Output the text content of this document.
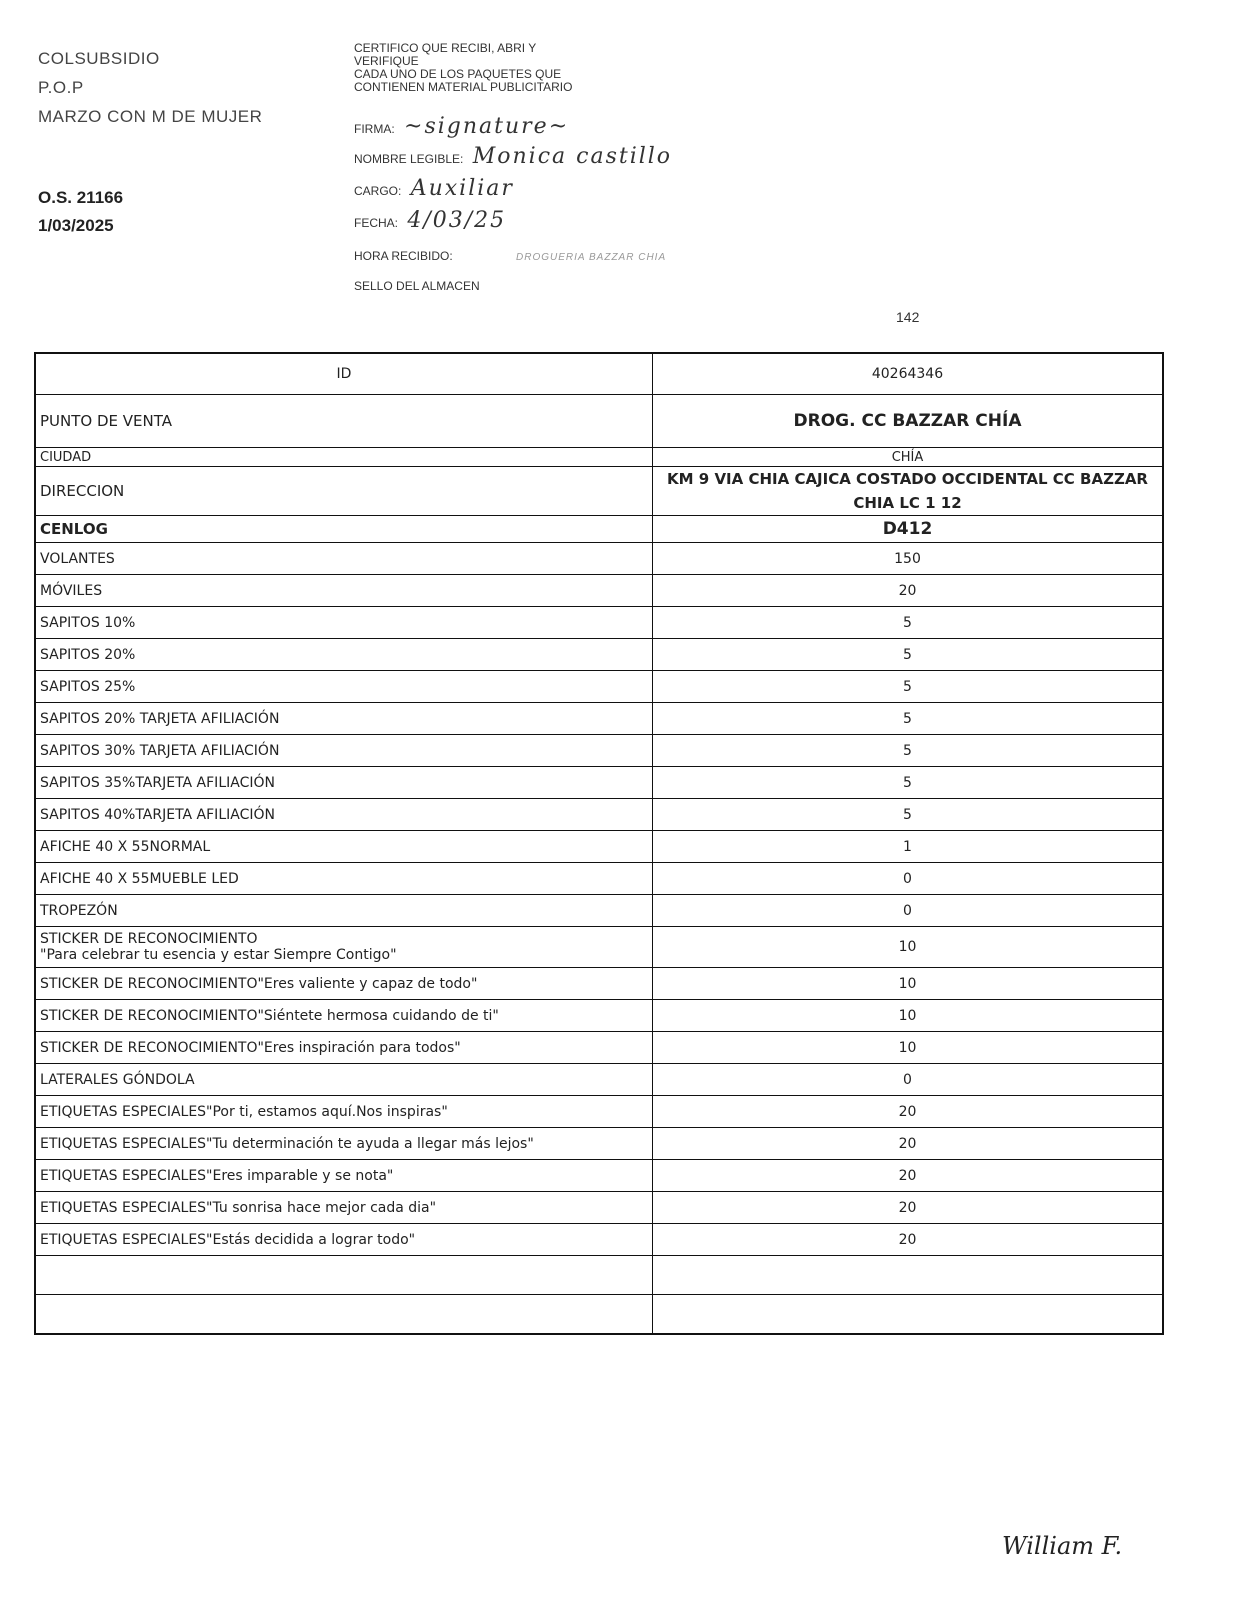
COLSUBSIDIO
P.O.P
MARZO CON M DE MUJER
O.S. 21166
1/03/2025
CERTIFICO QUE RECIBI, ABRI Y
VERIFIQUE
CADA UNO DE LOS PAQUETES QUE
CONTIENEN MATERIAL PUBLICITARIO
FIRMA: ~signature~
NOMBRE LEGIBLE: Monica castillo
CARGO: Auxiliar
FECHA: 4/03/25
HORA RECIBIDO:	DROGUERIA BAZZAR CHIA
SELLO DEL ALMACEN
142
ID	40264346
PUNTO DE VENTA	DROG. CC BAZZAR CHÍA
CIUDAD	CHÍA
DIRECCION	KM 9 VIA CHIA CAJICA COSTADO OCCIDENTAL CC BAZZAR
CHIA LC 1 12

CENLOG	D412

VOLANTES	150

MÓVILES	20

SAPITOS 10%	5

SAPITOS 20%	5

SAPITOS 25%	5

SAPITOS 20% TARJETA AFILIACIÓN	5

SAPITOS 30% TARJETA AFILIACIÓN	5

SAPITOS 35%TARJETA AFILIACIÓN	5

SAPITOS 40%TARJETA AFILIACIÓN	5

AFICHE 40 X 55NORMAL	1

AFICHE 40 X 55MUEBLE LED	0

TROPEZÓN	0

STICKER DE RECONOCIMIENTO
"Para celebrar tu esencia y estar Siempre Contigo"	10

STICKER DE RECONOCIMIENTO"Eres valiente y capaz de todo"	10

STICKER DE RECONOCIMIENTO"Siéntete hermosa cuidando de ti"	10

STICKER DE RECONOCIMIENTO"Eres inspiración para todos"	10

LATERALES GÓNDOLA	0

ETIQUETAS ESPECIALES"Por ti, estamos aquí.Nos inspiras"	20

ETIQUETAS ESPECIALES"Tu determinación te ayuda a llegar más lejos"	20

ETIQUETAS ESPECIALES"Eres imparable y se nota"	20

ETIQUETAS ESPECIALES"Tu sonrisa hace mejor cada dia"	20

ETIQUETAS ESPECIALES"Estás decidida a lograr todo"	20

William F.
